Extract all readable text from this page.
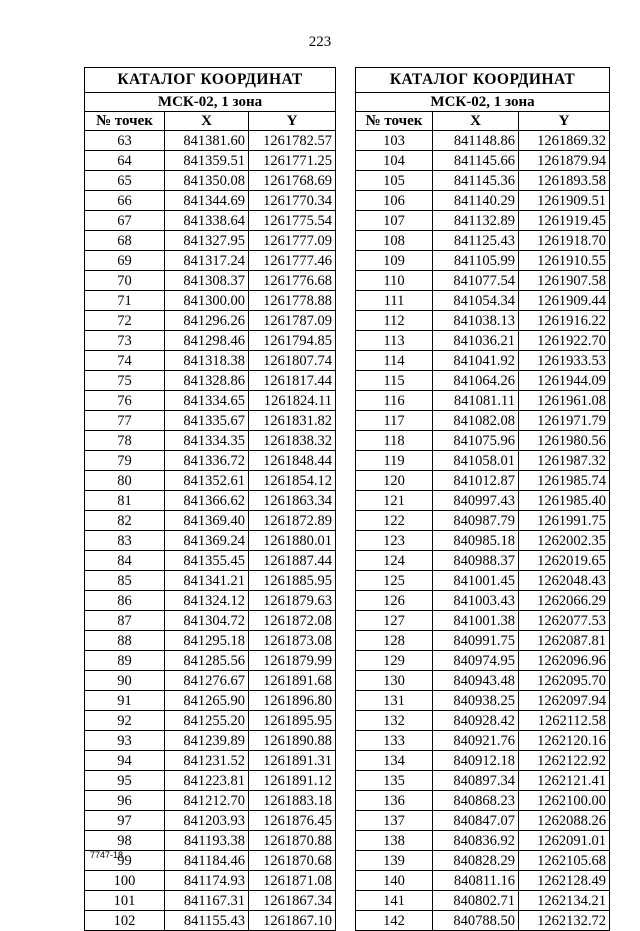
223
КАТАЛОГ КООРДИНАТ		
МСК-02, 1 зона		
№ точек	X	Y
63	841381.60	1261782.57
64	841359.51	1261771.25
65	841350.08	1261768.69
66	841344.69	1261770.34
67	841338.64	1261775.54
68	841327.95	1261777.09
69	841317.24	1261777.46
70	841308.37	1261776.68
71	841300.00	1261778.88
72	841296.26	1261787.09
73	841298.46	1261794.85
74	841318.38	1261807.74
75	841328.86	1261817.44
76	841334.65	1261824.11
77	841335.67	1261831.82
78	841334.35	1261838.32
79	841336.72	1261848.44
80	841352.61	1261854.12
81	841366.62	1261863.34
82	841369.40	1261872.89
83	841369.24	1261880.01
84	841355.45	1261887.44
85	841341.21	1261885.95
86	841324.12	1261879.63
87	841304.72	1261872.08
88	841295.18	1261873.08
89	841285.56	1261879.99
90	841276.67	1261891.68
91	841265.90	1261896.80
92	841255.20	1261895.95
93	841239.89	1261890.88
94	841231.52	1261891.31
95	841223.81	1261891.12
96	841212.70	1261883.18
97	841203.93	1261876.45
98	841193.38	1261870.88
99	841184.46	1261870.68
100	841174.93	1261871.08
101	841167.31	1261867.34
102	841155.43	1261867.10
КАТАЛОГ КООРДИНАТ		
МСК-02, 1 зона		
№ точек	X	Y
103	841148.86	1261869.32
104	841145.66	1261879.94
105	841145.36	1261893.58
106	841140.29	1261909.51
107	841132.89	1261919.45
108	841125.43	1261918.70
109	841105.99	1261910.55
110	841077.54	1261907.58
111	841054.34	1261909.44
112	841038.13	1261916.22
113	841036.21	1261922.70
114	841041.92	1261933.53
115	841064.26	1261944.09
116	841081.11	1261961.08
117	841082.08	1261971.79
118	841075.96	1261980.56
119	841058.01	1261987.32
120	841012.87	1261985.74
121	840997.43	1261985.40
122	840987.79	1261991.75
123	840985.18	1262002.35
124	840988.37	1262019.65
125	841001.45	1262048.43
126	841003.43	1262066.29
127	841001.38	1262077.53
128	840991.75	1262087.81
129	840974.95	1262096.96
130	840943.48	1262095.70
131	840938.25	1262097.94
132	840928.42	1262112.58
133	840921.76	1262120.16
134	840912.18	1262122.92
135	840897.34	1262121.41
136	840868.23	1262100.00
137	840847.07	1262088.26
138	840836.92	1262091.01
139	840828.29	1262105.68
140	840811.16	1262128.49
141	840802.71	1262134.21
142	840788.50	1262132.72
7747-18
